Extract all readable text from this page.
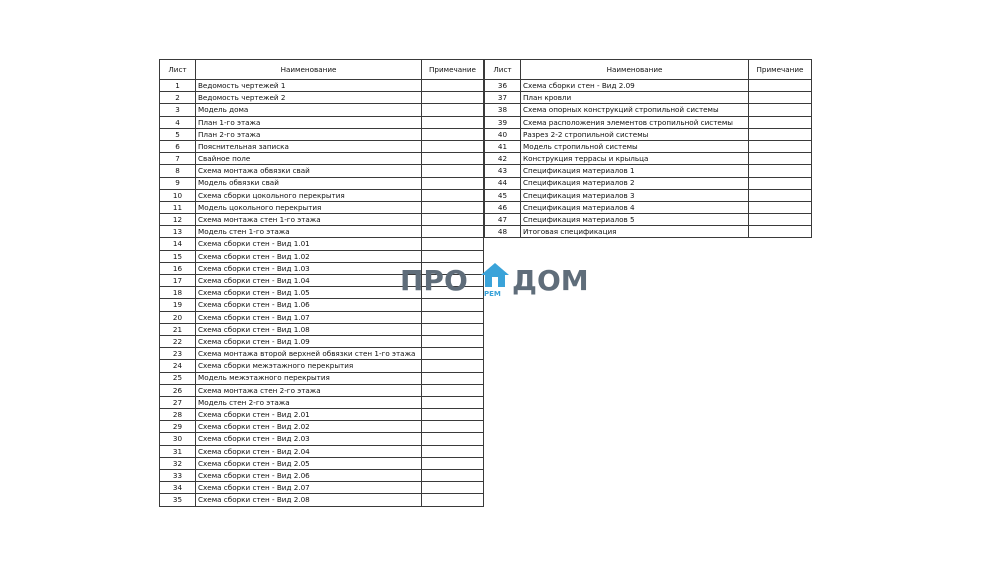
Лист	Наименование	Примечание
1	Ведомость чертежей 1	
2	Ведомость чертежей 2	
3	Модель дома	
4	План 1-го этажа	
5	План 2-го этажа	
6	Пояснительная записка	
7	Свайное поле	
8	Схема монтажа обвязки свай	
9	Модель обвязки свай	
10	Схема сборки цокольного перекрытия	
11	Модель цокольного перекрытия	
12	Схема монтажа стен 1-го этажа	
13	Модель стен 1-го этажа	
14	Схема сборки стен - Вид 1.01	
15	Схема сборки стен - Вид 1.02	
16	Схема сборки стен - Вид 1.03	
17	Схема сборки стен - Вид 1.04	
18	Схема сборки стен - Вид 1.05	
19	Схема сборки стен - Вид 1.06	
20	Схема сборки стен - Вид 1.07	
21	Схема сборки стен - Вид 1.08	
22	Схема сборки стен - Вид 1.09	
23	Схема монтажа второй верхней обвязки стен 1-го этажа	
24	Схема сборки межэтажного перекрытия	
25	Модель межэтажного перекрытия	
26	Схема монтажа стен 2-го этажа	
27	Модель стен 2-го этажа	
28	Схема сборки стен - Вид 2.01	
29	Схема сборки стен - Вид 2.02	
30	Схема сборки стен - Вид 2.03	
31	Схема сборки стен - Вид 2.04	
32	Схема сборки стен - Вид 2.05	
33	Схема сборки стен - Вид 2.06	
34	Схема сборки стен - Вид 2.07	
35	Схема сборки стен - Вид 2.08	
Лист	Наименование	Примечание
36	Схема сборки стен - Вид 2.09	
37	План кровли	
38	Схема опорных конструкций стропильной системы	
39	Схема расположения элементов стропильной системы	
40	Разрез 2-2 стропильной системы	
41	Модель стропильной системы	
42	Конструкция террасы и крыльца	
43	Спецификация материалов 1	
44	Спецификация материалов 2	
45	Спецификация материалов 3	
46	Спецификация материалов 4	
47	Спецификация материалов 5	
48	Итоговая спецификация	
ПРО РЕМ ДОМ
